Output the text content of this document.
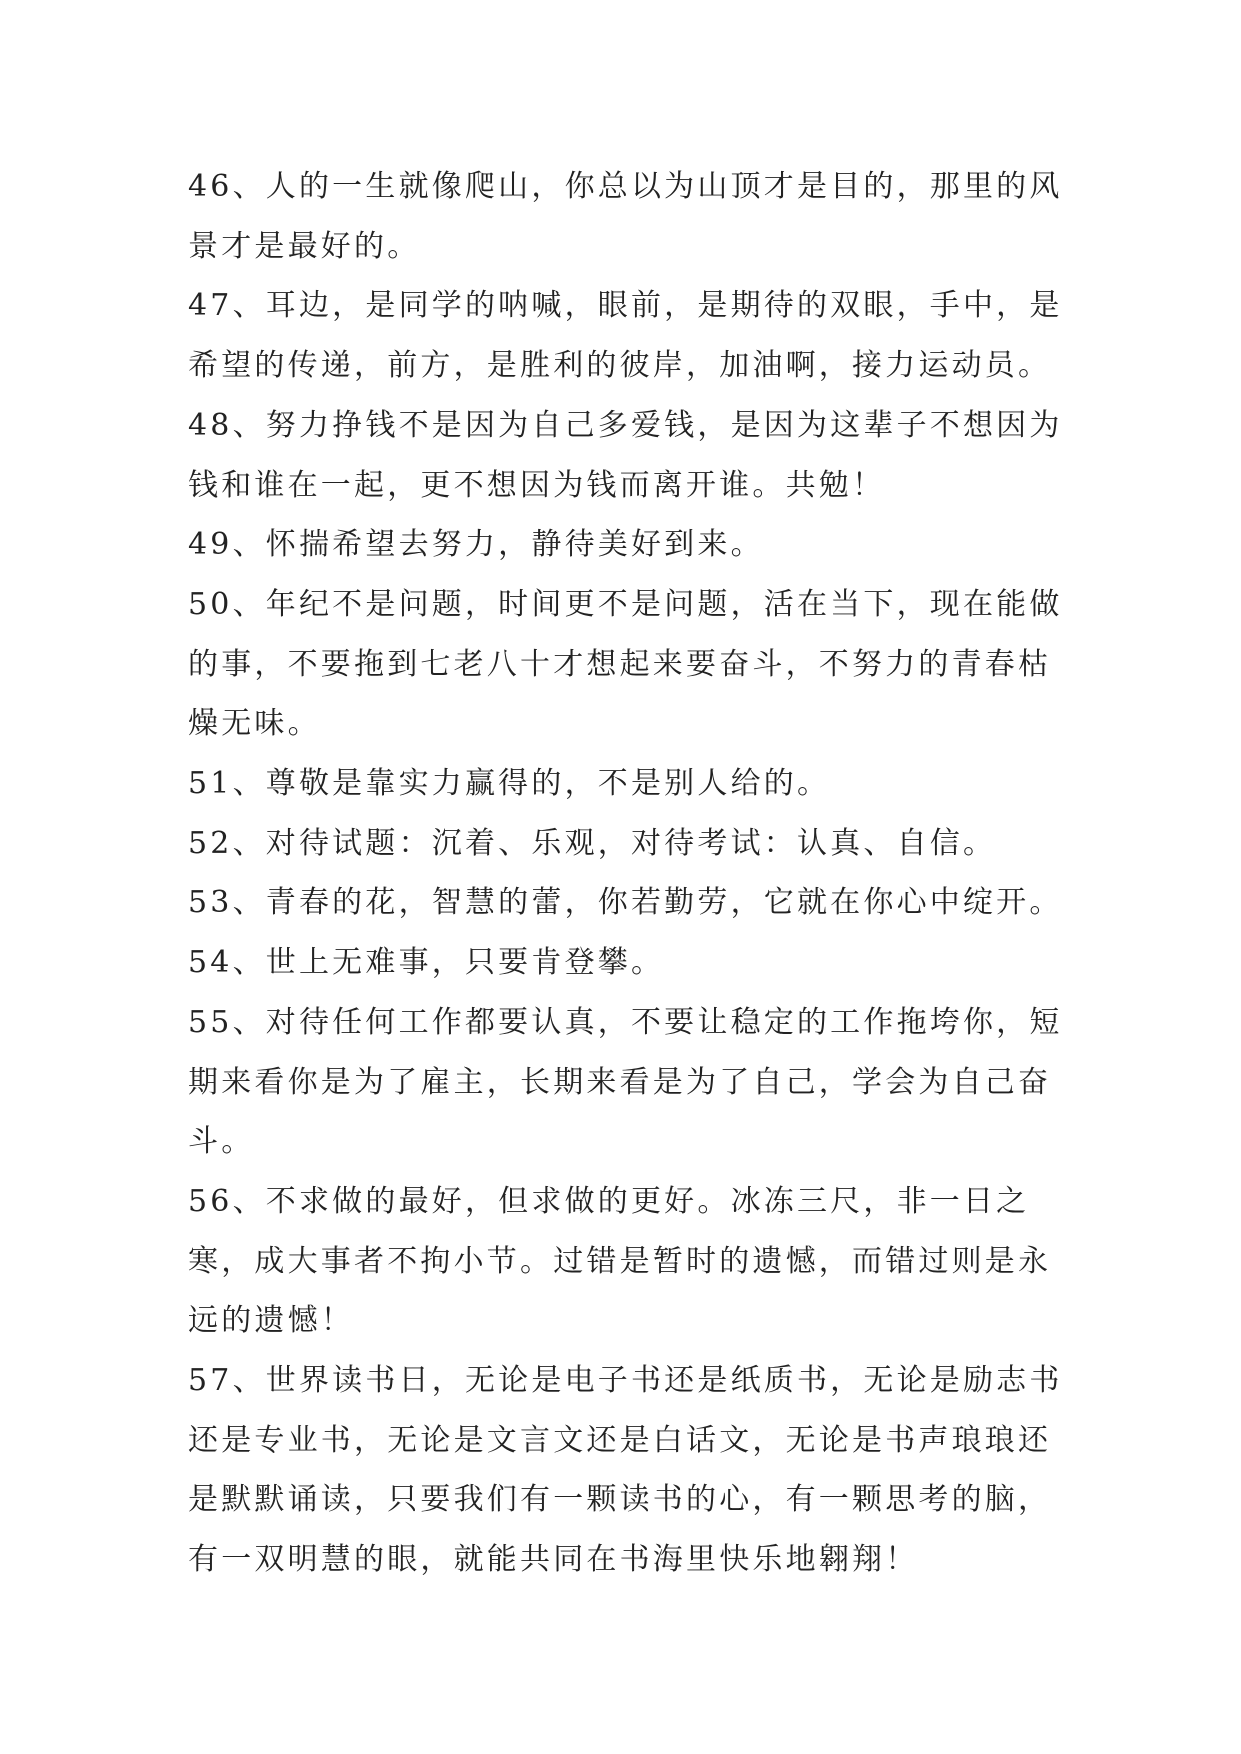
46、人的一生就像爬山，你总以为山顶才是目的，那里的风景才是最好的。

47、耳边，是同学的呐喊，眼前，是期待的双眼，手中，是希望的传递，前方，是胜利的彼岸，加油啊，接力运动员。

48、努力挣钱不是因为自己多爱钱，是因为这辈子不想因为钱和谁在一起，更不想因为钱而离开谁。共勉！

49、怀揣希望去努力，静待美好到来。

50、年纪不是问题，时间更不是问题，活在当下，现在能做的事，不要拖到七老八十才想起来要奋斗，不努力的青春枯燥无味。

51、尊敬是靠实力赢得的，不是别人给的。

52、对待试题：沉着、乐观，对待考试：认真、自信。

53、青春的花，智慧的蕾，你若勤劳，它就在你心中绽开。

54、世上无难事，只要肯登攀。

55、对待任何工作都要认真，不要让稳定的工作拖垮你，短期来看你是为了雇主，长期来看是为了自己，学会为自己奋斗。

56、不求做的最好，但求做的更好。冰冻三尺，非一日之寒，成大事者不拘小节。过错是暂时的遗憾，而错过则是永远的遗憾！

57、世界读书日，无论是电子书还是纸质书，无论是励志书还是专业书，无论是文言文还是白话文，无论是书声琅琅还是默默诵读，只要我们有一颗读书的心，有一颗思考的脑，有一双明慧的眼，就能共同在书海里快乐地翱翔！
